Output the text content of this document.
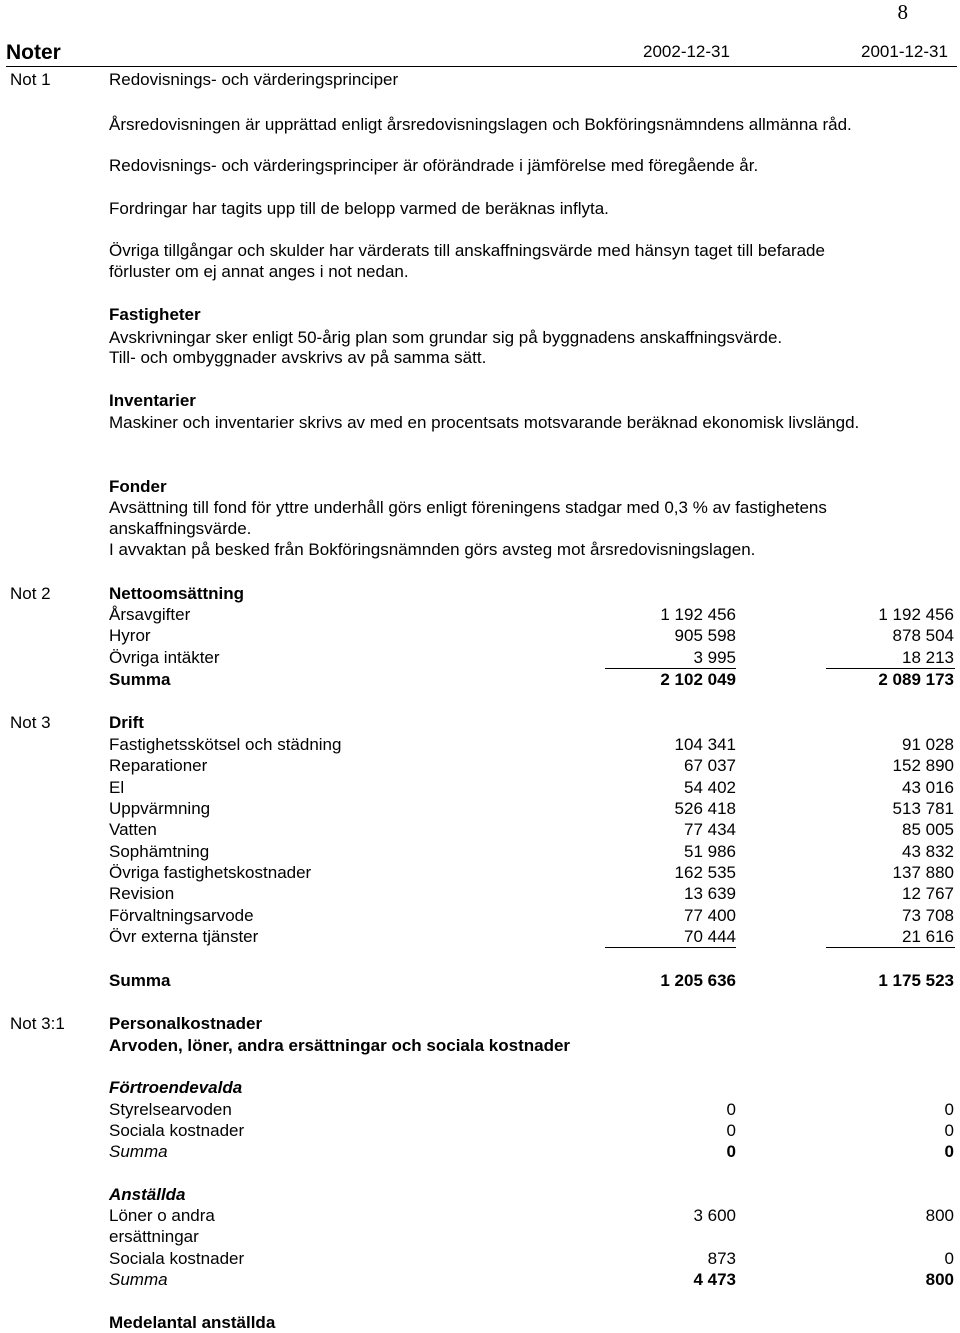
8
Noter	2002-12-31	2001-12-31
Not 1	Redovisnings- och värderingsprinciper
Årsredovisningen är upprättad enligt årsredovisningslagen och Bokföringsnämndens allmänna råd.
Redovisnings- och värderingsprinciper är oförändrade i jämförelse med föregående år.
Fordringar har tagits upp till de belopp varmed de beräknas inflyta.
Övriga tillgångar och skulder har värderats till anskaffningsvärde med hänsyn taget till befarade
förluster om ej annat anges i not nedan.
Fastigheter
Avskrivningar sker enligt 50-årig plan som grundar sig på byggnadens anskaffningsvärde.
Till- och ombyggnader avskrivs av på samma sätt.
Inventarier
Maskiner och inventarier skrivs av med en procentsats motsvarande beräknad ekonomisk livslängd.
Fonder
Avsättning till fond för yttre underhåll görs enligt föreningens stadgar med 0,3 % av fastighetens
anskaffningsvärde.
I avvaktan på besked från Bokföringsnämnden görs avsteg mot årsredovisningslagen.
Not 2	Nettoomsättning
Årsavgifter	1 192 456	1 192 456
Hyror	905 598	878 504
Övriga intäkter	3 995	18 213
Summa	2 102 049	2 089 173
Not 3	Drift
Fastighetsskötsel och städning	104 341	91 028
Reparationer	67 037	152 890
El	54 402	43 016
Uppvärmning	526 418	513 781
Vatten	77 434	85 005
Sophämtning	51 986	43 832
Övriga fastighetskostnader	162 535	137 880
Revision	13 639	12 767
Förvaltningsarvode	77 400	73 708
Övr externa tjänster	70 444	21 616
Summa	1 205 636	1 175 523
Not 3:1	Personalkostnader
Arvoden, löner, andra ersättningar och sociala kostnader
Förtroendevalda
Styrelsearvoden	0	0
Sociala kostnader	0	0
Summa	0	0
Anställda
Löner o andra	3 600	800
ersättningar
Sociala kostnader	873	0
Summa	4 473	800
Medelantal anställda
